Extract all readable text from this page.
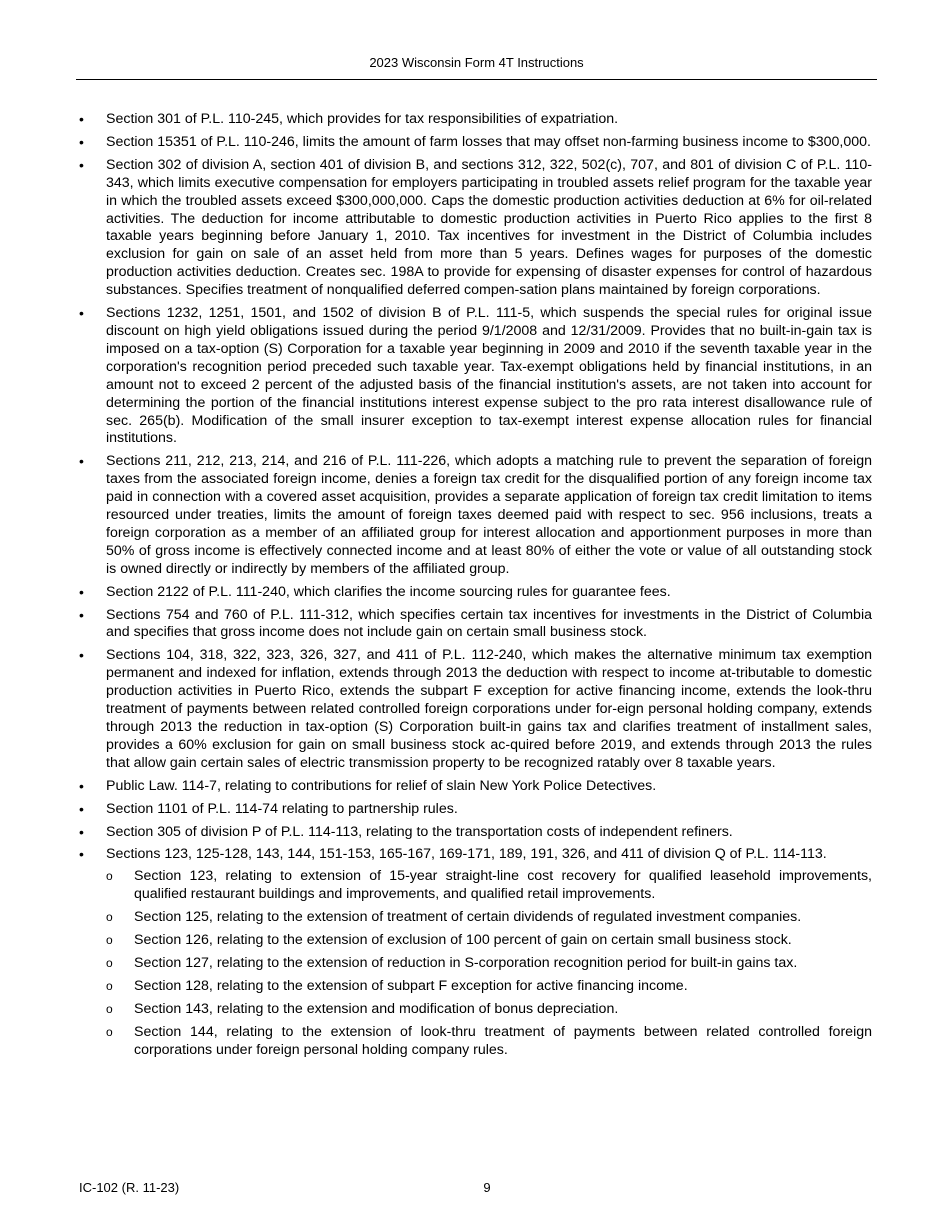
2023 Wisconsin Form 4T Instructions
• Section 301 of P.L. 110-245, which provides for tax responsibilities of expatriation.
• Section 15351 of P.L. 110-246, limits the amount of farm losses that may offset non-farming business income to $300,000.
• Section 302 of division A, section 401 of division B, and sections 312, 322, 502(c), 707, and 801 of division C of P.L. 110-343, which limits executive compensation for employers participating in troubled assets relief program for the taxable year in which the troubled assets exceed $300,000,000. Caps the domestic production activities deduction at 6% for oil-related activities. The deduction for income attributable to domestic production activities in Puerto Rico applies to the first 8 taxable years beginning before January 1, 2010. Tax incentives for investment in the District of Columbia includes exclusion for gain on sale of an asset held from more than 5 years. Defines wages for purposes of the domestic production activities deduction. Creates sec. 198A to provide for expensing of disaster expenses for control of hazardous substances. Specifies treatment of nonqualified deferred compen-sation plans maintained by foreign corporations.
• Sections 1232, 1251, 1501, and 1502 of division B of P.L. 111-5, which suspends the special rules for original issue discount on high yield obligations issued during the period 9/1/2008 and 12/31/2009. Provides that no built-in-gain tax is imposed on a tax-option (S) Corporation for a taxable year beginning in 2009 and 2010 if the seventh taxable year in the corporation's recognition period preceded such taxable year. Tax-exempt obligations held by financial institutions, in an amount not to exceed 2 percent of the adjusted basis of the financial institution's assets, are not taken into account for determining the portion of the financial institutions interest expense subject to the pro rata interest disallowance rule of sec. 265(b). Modification of the small insurer exception to tax-exempt interest expense allocation rules for financial institutions.
• Sections 211, 212, 213, 214, and 216 of P.L. 111-226, which adopts a matching rule to prevent the separation of foreign taxes from the associated foreign income, denies a foreign tax credit for the disqualified portion of any foreign income tax paid in connection with a covered asset acquisition, provides a separate application of foreign tax credit limitation to items resourced under treaties, limits the amount of foreign taxes deemed paid with respect to sec. 956 inclusions, treats a foreign corporation as a member of an affiliated group for interest allocation and apportionment purposes in more than 50% of gross income is effectively connected income and at least 80% of either the vote or value of all outstanding stock is owned directly or indirectly by members of the affiliated group.
• Section 2122 of P.L. 111-240, which clarifies the income sourcing rules for guarantee fees.
• Sections 754 and 760 of P.L. 111-312, which specifies certain tax incentives for investments in the District of Columbia and specifies that gross income does not include gain on certain small business stock.
• Sections 104, 318, 322, 323, 326, 327, and 411 of P.L. 112-240, which makes the alternative minimum tax exemption permanent and indexed for inflation, extends through 2013 the deduction with respect to income at-tributable to domestic production activities in Puerto Rico, extends the subpart F exception for active financing income, extends the look-thru treatment of payments between related controlled foreign corporations under for-eign personal holding company, extends through 2013 the reduction in tax-option (S) Corporation built-in gains tax and clarifies treatment of installment sales, provides a 60% exclusion for gain on small business stock ac-quired before 2019, and extends through 2013 the rules that allow gain certain sales of electric transmission property to be recognized ratably over 8 taxable years.
• Public Law. 114-7, relating to contributions for relief of slain New York Police Detectives.
• Section 1101 of P.L. 114-74 relating to partnership rules.
• Section 305 of division P of P.L. 114-113, relating to the transportation costs of independent refiners.
• Sections 123, 125-128, 143, 144, 151-153, 165-167, 169-171, 189, 191, 326, and 411 of division Q of P.L. 114-113.
o Section 123, relating to extension of 15-year straight-line cost recovery for qualified leasehold improvements, qualified restaurant buildings and improvements, and qualified retail improvements.
o Section 125, relating to the extension of treatment of certain dividends of regulated investment companies.
o Section 126, relating to the extension of exclusion of 100 percent of gain on certain small business stock.
o Section 127, relating to the extension of reduction in S-corporation recognition period for built-in gains tax.
o Section 128, relating to the extension of subpart F exception for active financing income.
o Section 143, relating to the extension and modification of bonus depreciation.
o Section 144, relating to the extension of look-thru treatment of payments between related controlled foreign corporations under foreign personal holding company rules.
IC-102 (R. 11-23)	9
